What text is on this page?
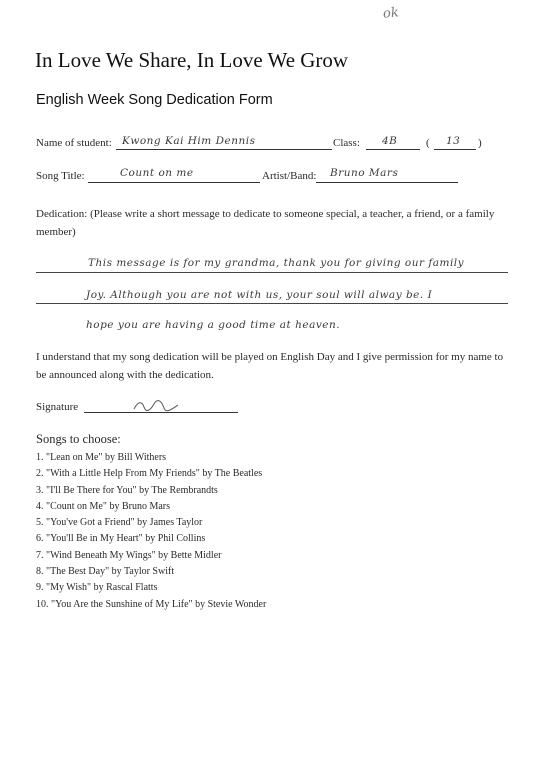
ok
In Love We Share, In Love We Grow
English Week Song Dedication Form
Name of student: Kwong Kai Him Dennis	Class: 4B	( 13 )
Song Title:	Count on me	Artist/Band: Bruno Mars
Dedication: (Please write a short message to dedicate to someone special, a teacher, a friend, or a family member)
This message is for my grandma, thank you for giving our family
Joy. Although you are not with us, your soul will alway be. I
hope you are having a good time at heaven.
I understand that my song dedication will be played on English Day and I give permission for my name to be announced along with the dedication.
Signature
Songs to choose:
1. "Lean on Me" by Bill Withers
2. "With a Little Help From My Friends" by The Beatles
3. "I'll Be There for You" by The Rembrandts
4. "Count on Me" by Bruno Mars
5. "You've Got a Friend" by James Taylor
6. "You'll Be in My Heart" by Phil Collins
7. "Wind Beneath My Wings" by Bette Midler
8. "The Best Day" by Taylor Swift
9. "My Wish" by Rascal Flatts
10. "You Are the Sunshine of My Life" by Stevie Wonder
